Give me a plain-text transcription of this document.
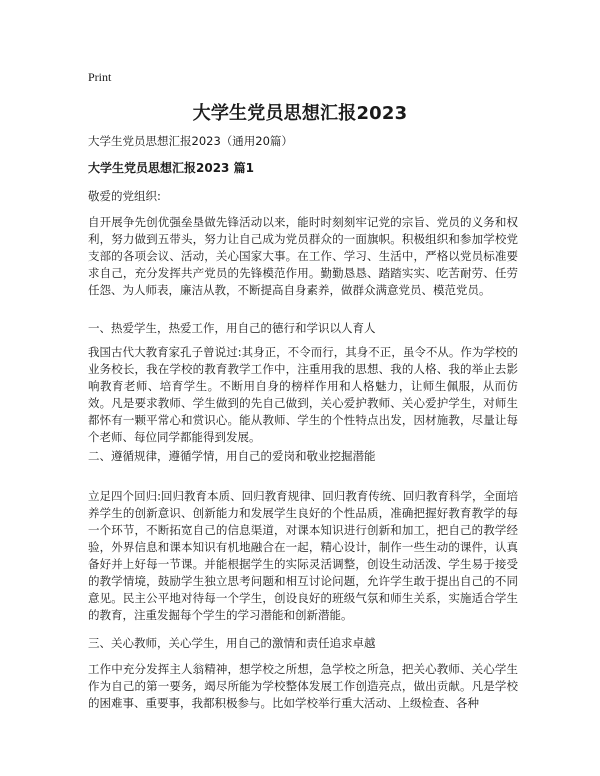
Print
大学生党员思想汇报2023
大学生党员思想汇报2023（通用20篇）
大学生党员思想汇报2023 篇1
敬爱的党组织:
自开展争先创优强垒垦做先锋活动以来，能时时刻刻牢记党的宗旨、党员的义务和权利，努力做到五带头，努力让自己成为党员群众的一面旗帜。积极组织和参加学校党支部的各项会议、活动，关心国家大事。在工作、学习、生活中，严格以党员标准要求自己，充分发挥共产党员的先锋模范作用。勤勤恳恳、踏踏实实、吃苦耐劳、任劳任怨、为人师表，廉洁从教，不断提高自身素养，做群众满意党员、模范党员。
一、热爱学生，热爱工作，用自己的德行和学识以人育人
我国古代大教育家孔子曾说过:其身正，不令而行，其身不正，虽令不从。作为学校的业务校长，我在学校的教育教学工作中，注重用我的思想、我的人格、我的举止去影响教育老师、培育学生。不断用自身的榜样作用和人格魅力，让师生佩服，从而仿效。凡是要求教师、学生做到的先自己做到，关心爱护教师、关心爱护学生，对师生都怀有一颗平常心和赏识心。能从教师、学生的个性特点出发，因材施教，尽量让每个老师、每位同学都能得到发展。
二、遵循规律，遵循学情，用自己的爱岗和敬业挖掘潜能
立足四个回归:回归教育本质、回归教育规律、回归教育传统、回归教育科学，全面培养学生的创新意识、创新能力和发展学生良好的个性品质，准确把握好教育教学的每一个环节，不断拓宽自己的信息渠道，对课本知识进行创新和加工，把自己的教学经验，外界信息和课本知识有机地融合在一起，精心设计，制作一些生动的课件，认真备好并上好每一节课。并能根据学生的实际灵活调整，创设生动活泼、学生易于接受的教学情境，鼓励学生独立思考问题和相互讨论问题，允许学生敢于提出自己的不同意见。民主公平地对待每一个学生，创设良好的班级气氛和师生关系，实施适合学生的教育，注重发掘每个学生的学习潜能和创新潜能。
三、关心教师，关心学生，用自己的激情和责任追求卓越
工作中充分发挥主人翁精神，想学校之所想，急学校之所急，把关心教师、关心学生作为自己的第一要务，竭尽所能为学校整体发展工作创造亮点，做出贡献。凡是学校的困难事、重要事，我都积极参与。比如学校举行重大活动、上级检查、各种
